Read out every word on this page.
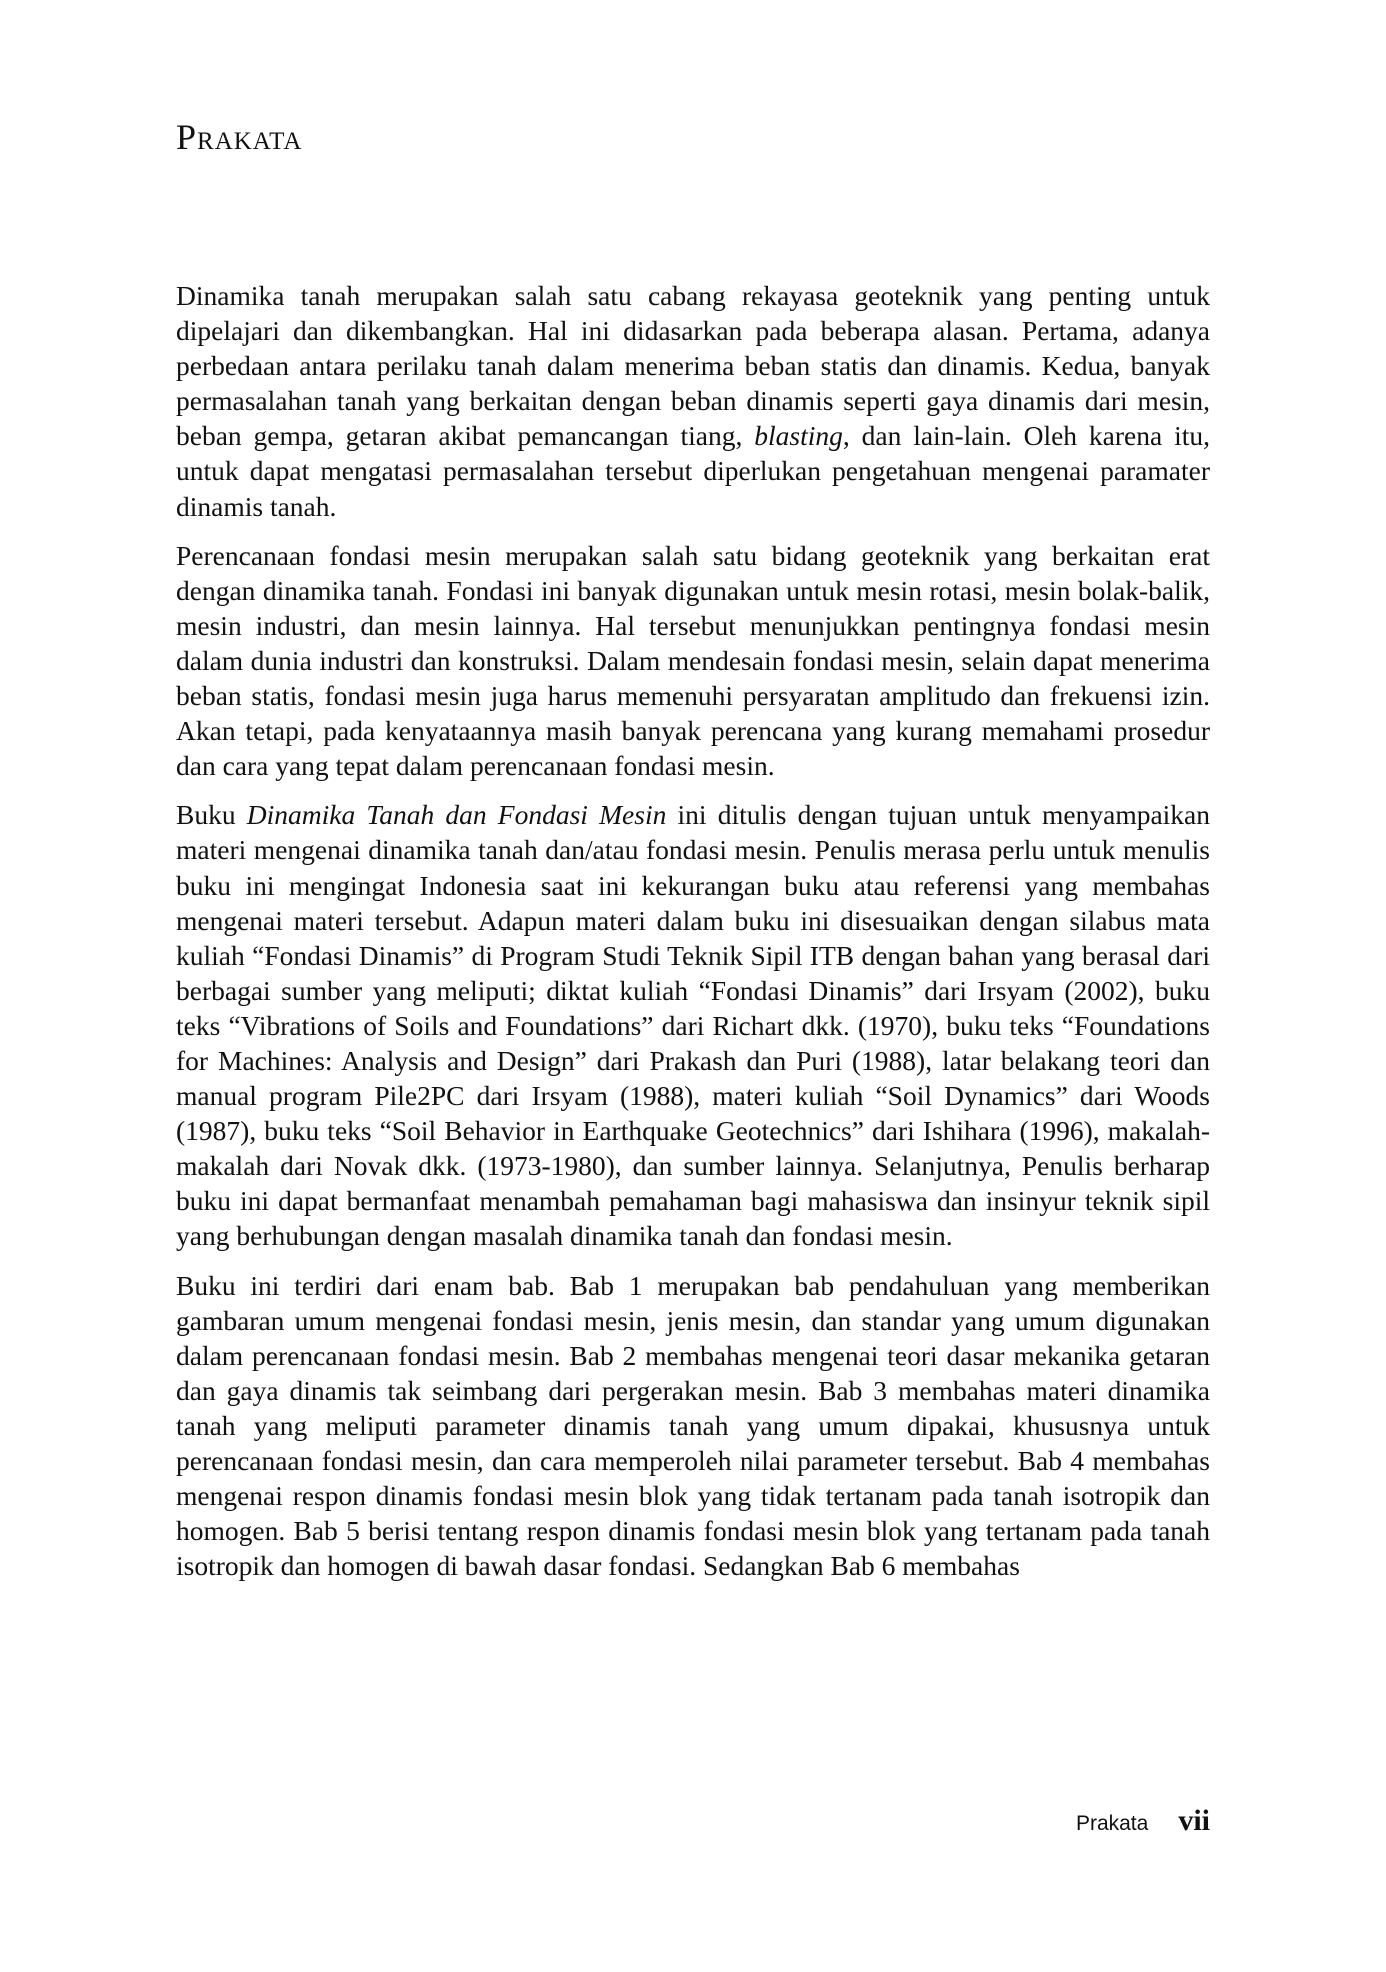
Prakata

Dinamika tanah merupakan salah satu cabang rekayasa geoteknik yang penting untuk dipelajari dan dikembangkan. Hal ini didasarkan pada beberapa alasan. Pertama, adanya perbedaan antara perilaku tanah dalam menerima beban statis dan dinamis. Kedua, banyak permasalahan tanah yang berkaitan dengan beban dinamis seperti gaya dinamis dari mesin, beban gempa, getaran akibat pemancangan tiang, blasting, dan lain-lain. Oleh karena itu, untuk dapat mengatasi permasalahan tersebut diperlukan pengetahuan mengenai paramater dinamis tanah.

Perencanaan fondasi mesin merupakan salah satu bidang geoteknik yang berkaitan erat dengan dinamika tanah. Fondasi ini banyak digunakan untuk mesin rotasi, mesin bolak-balik, mesin industri, dan mesin lainnya. Hal tersebut menunjukkan pentingnya fondasi mesin dalam dunia industri dan konstruksi. Dalam mendesain fondasi mesin, selain dapat menerima beban statis, fondasi mesin juga harus memenuhi persyaratan amplitudo dan frekuensi izin. Akan tetapi, pada kenyataannya masih banyak perencana yang kurang memahami prosedur dan cara yang tepat dalam perencanaan fondasi mesin.

Buku Dinamika Tanah dan Fondasi Mesin ini ditulis dengan tujuan untuk menyampaikan materi mengenai dinamika tanah dan/atau fondasi mesin. Penulis merasa perlu untuk menulis buku ini mengingat Indonesia saat ini kekurangan buku atau referensi yang membahas mengenai materi tersebut. Adapun materi dalam buku ini disesuaikan dengan silabus mata kuliah “Fondasi Dinamis” di Program Studi Teknik Sipil ITB dengan bahan yang berasal dari berbagai sumber yang meliputi; diktat kuliah “Fondasi Dinamis” dari Irsyam (2002), buku teks “Vibrations of Soils and Foundations” dari Richart dkk. (1970), buku teks “Foundations for Machines: Analysis and Design” dari Prakash dan Puri (1988), latar belakang teori dan manual program Pile2PC dari Irsyam (1988), materi kuliah “Soil Dynamics” dari Woods (1987), buku teks “Soil Behavior in Earthquake Geotechnics” dari Ishihara (1996), makalah-makalah dari Novak dkk. (1973-1980), dan sumber lainnya. Selanjutnya, Penulis berharap buku ini dapat bermanfaat menambah pemahaman bagi mahasiswa dan insinyur teknik sipil yang berhubungan dengan masalah dinamika tanah dan fondasi mesin.

Buku ini terdiri dari enam bab. Bab 1 merupakan bab pendahuluan yang memberikan gambaran umum mengenai fondasi mesin, jenis mesin, dan standar yang umum digunakan dalam perencanaan fondasi mesin. Bab 2 membahas mengenai teori dasar mekanika getaran dan gaya dinamis tak seimbang dari pergerakan mesin. Bab 3 membahas materi dinamika tanah yang meliputi parameter dinamis tanah yang umum dipakai, khususnya untuk perencanaan fondasi mesin, dan cara memperoleh nilai parameter tersebut. Bab 4 membahas mengenai respon dinamis fondasi mesin blok yang tidak tertanam pada tanah isotropik dan homogen. Bab 5 berisi tentang respon dinamis fondasi mesin blok yang tertanam pada tanah isotropik dan homogen di bawah dasar fondasi. Sedangkan Bab 6 membahas

Prakata vii
